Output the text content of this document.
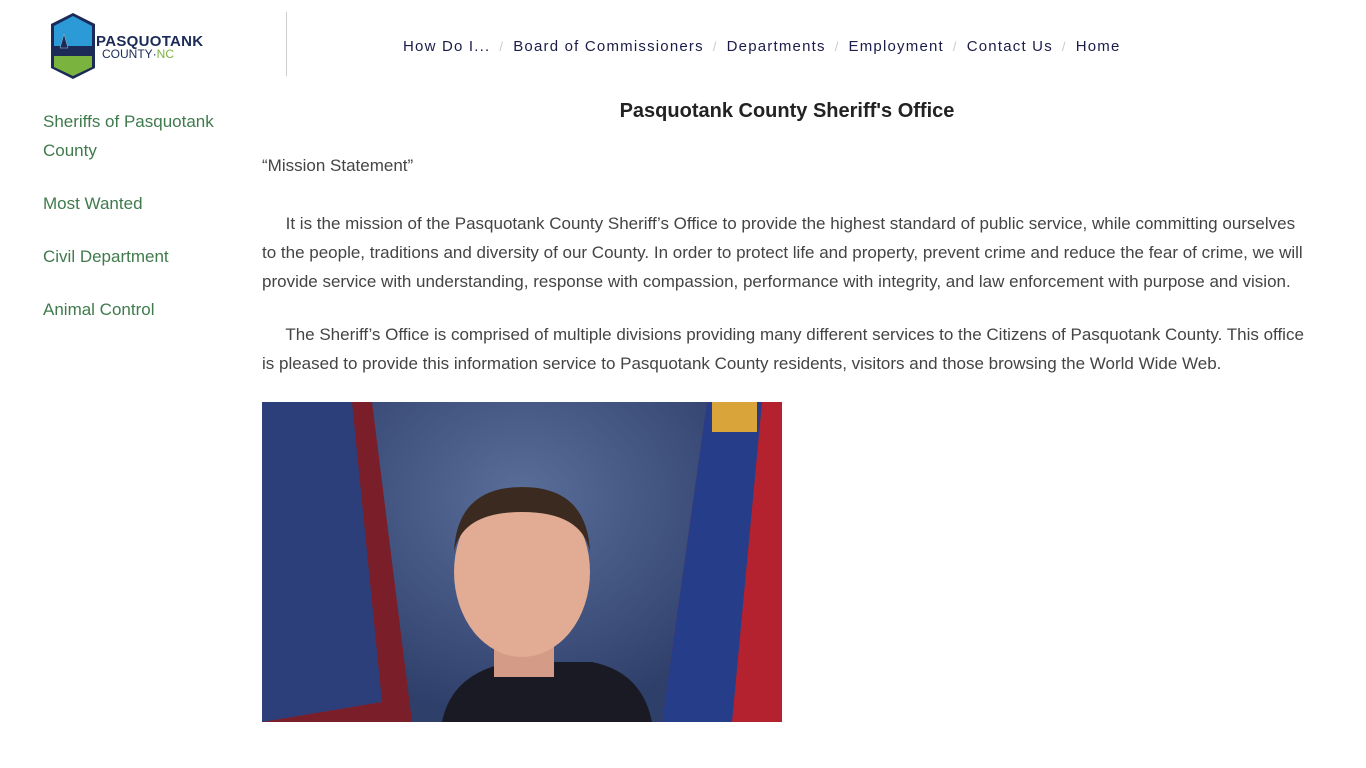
PASQUOTANK
COUNTY·NC	How Do I... / Board of Commissioners / Departments / Employment / Contact Us / Home
Sheriffs of Pasquotank County
Most Wanted
Civil Department
Animal Control
Pasquotank County Sheriff's Office

“Mission Statement”

It is the mission of the Pasquotank County Sheriff’s Office to provide the highest standard of public service, while committing ourselves to the people, traditions and diversity of our County. In order to protect life and property, prevent crime and reduce the fear of crime, we will provide service with understanding, response with compassion, performance with integrity, and law enforcement with purpose and vision.

The Sheriff’s Office is comprised of multiple divisions providing many different services to the Citizens of Pasquotank County. This office is pleased to provide this information service to Pasquotank County residents, visitors and those browsing the World Wide Web.
